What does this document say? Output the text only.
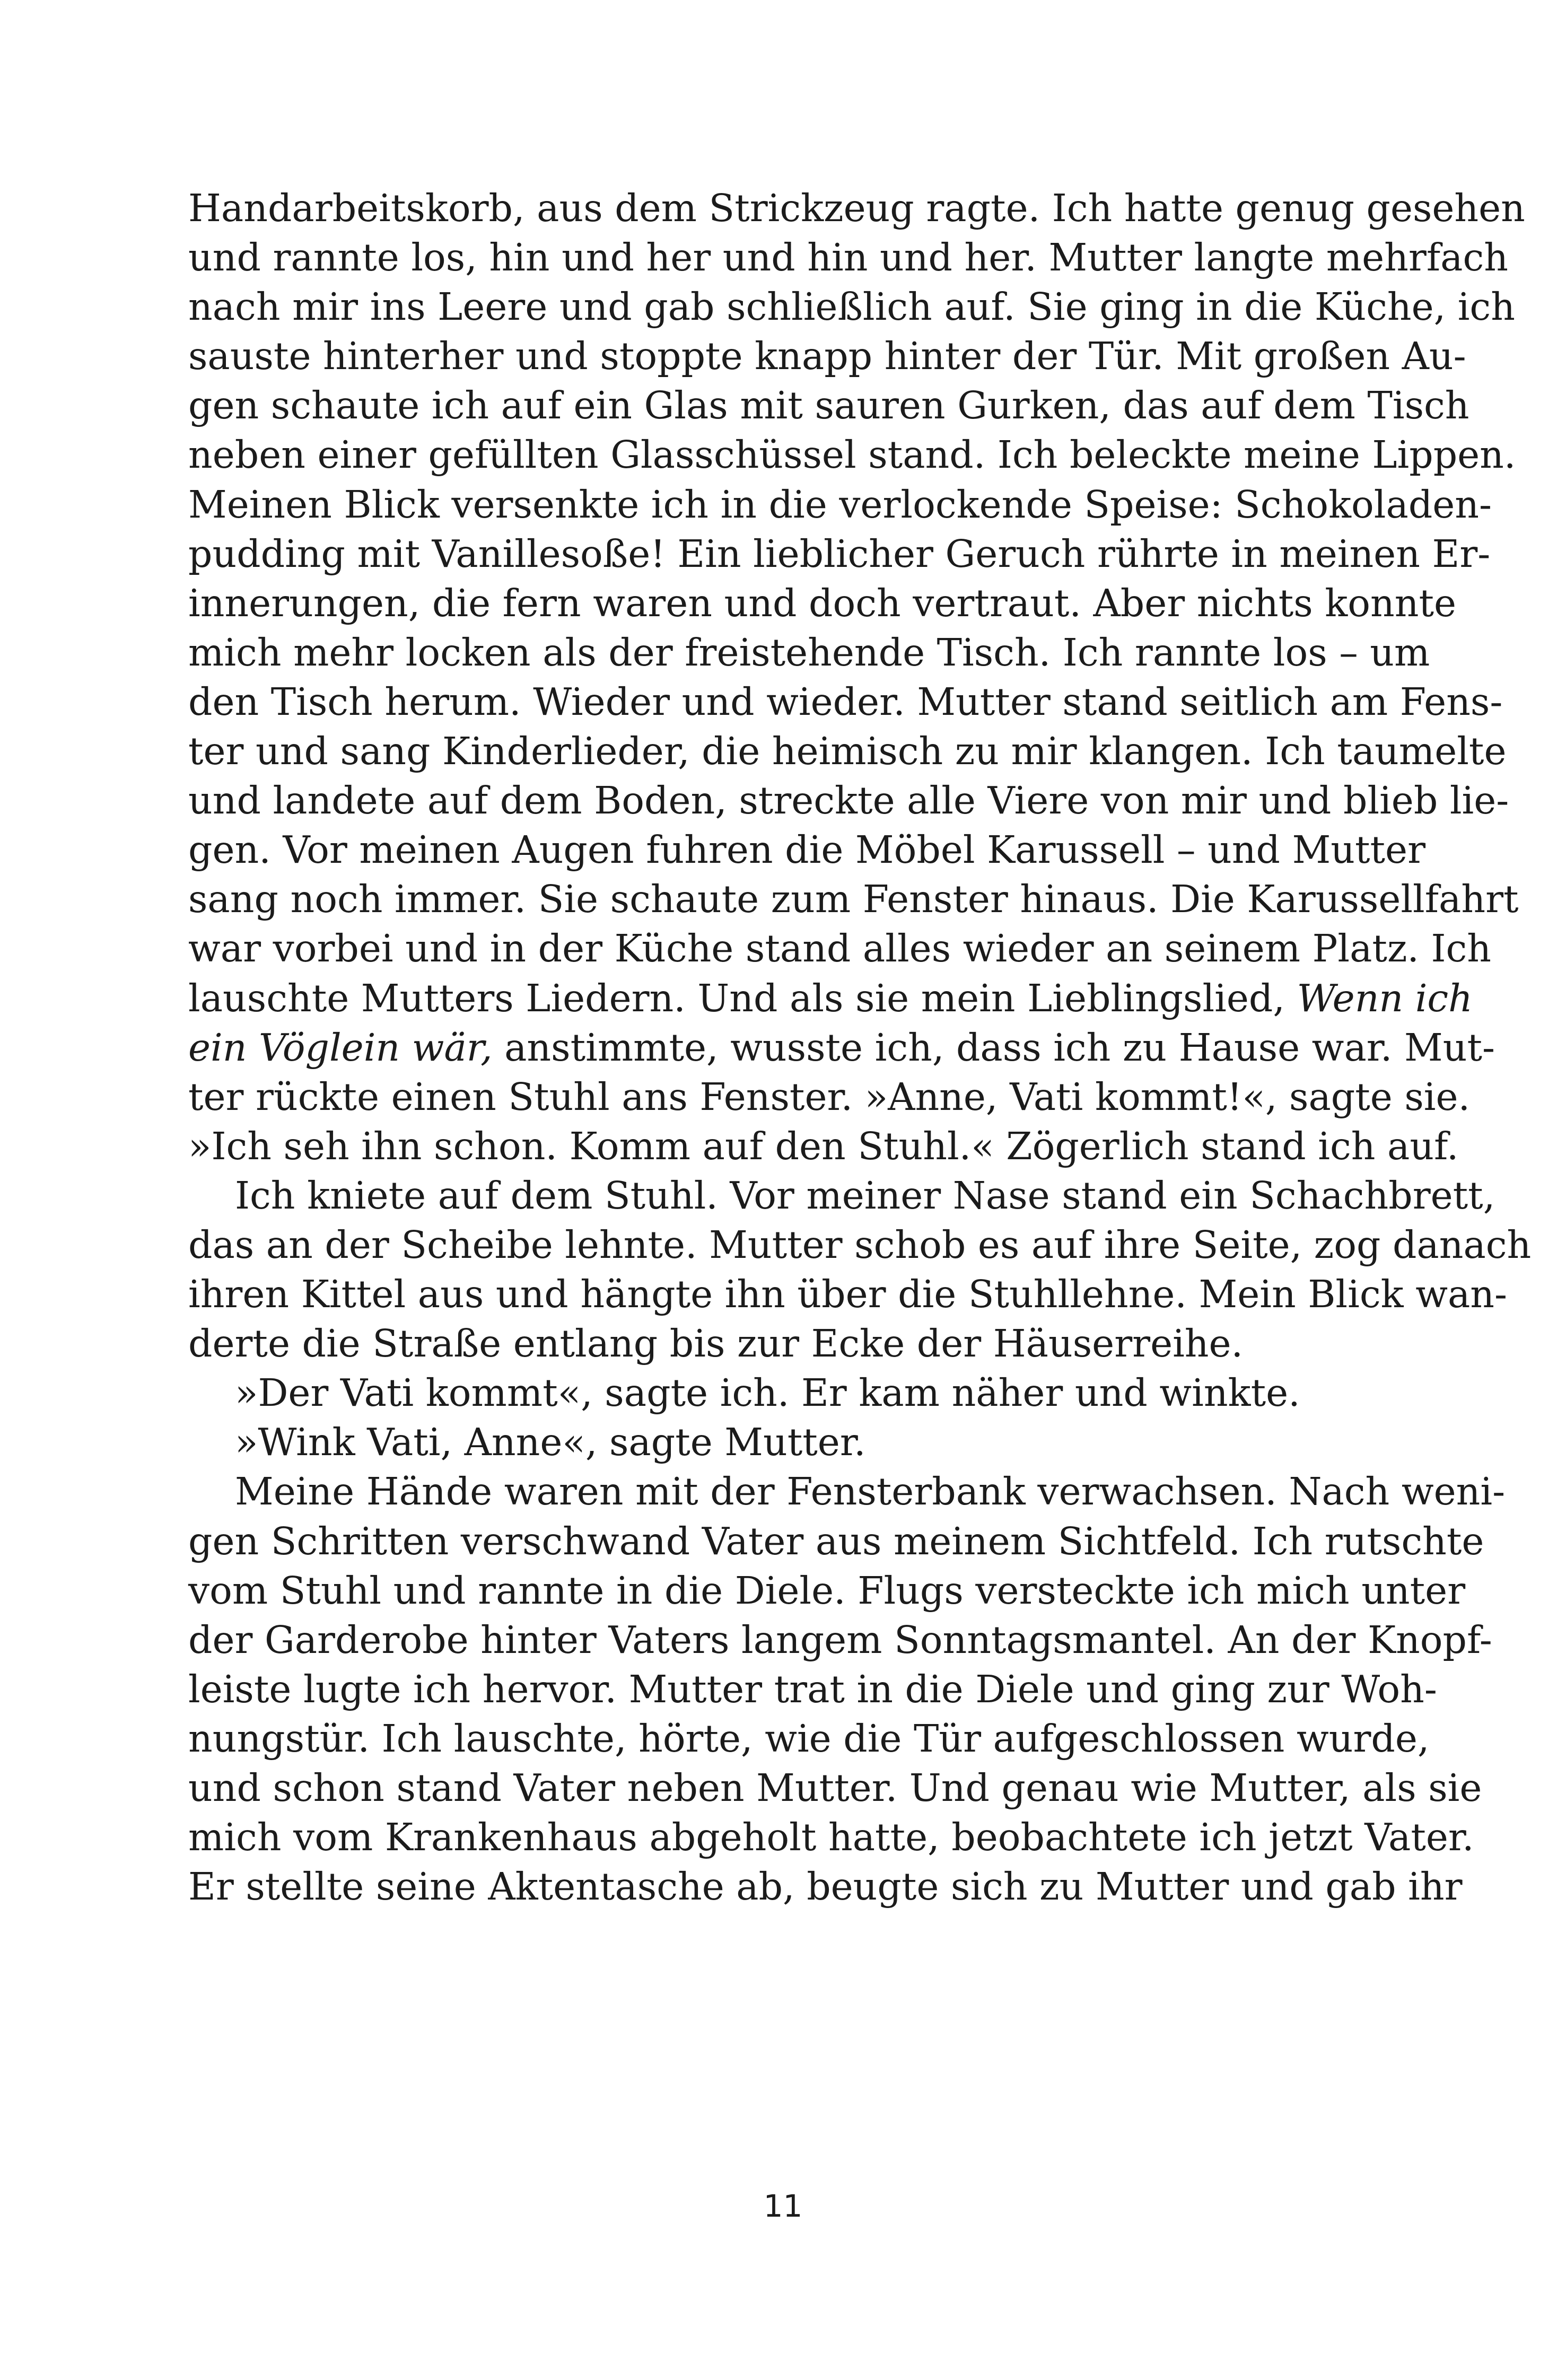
Handarbeitskorb, aus dem Strickzeug ragte. Ich hatte genug gesehen
und rannte los, hin und her und hin und her. Mutter langte mehrfach
nach mir ins Leere und gab schließlich auf. Sie ging in die Küche, ich
sauste hinterher und stoppte knapp hinter der Tür. Mit großen Au-
gen schaute ich auf ein Glas mit sauren Gurken, das auf dem Tisch
neben einer gefüllten Glasschüssel stand. Ich beleckte meine Lippen.
Meinen Blick versenkte ich in die verlockende Speise: Schokoladen-
pudding mit Vanillesoße! Ein lieblicher Geruch rührte in meinen Er-
innerungen, die fern waren und doch vertraut. Aber nichts konnte
mich mehr locken als der freistehende Tisch. Ich rannte los – um
den Tisch herum. Wieder und wieder. Mutter stand seitlich am Fens-
ter und sang Kinderlieder, die heimisch zu mir klangen. Ich taumelte
und landete auf dem Boden, streckte alle Viere von mir und blieb lie-
gen. Vor meinen Augen fuhren die Möbel Karussell – und Mutter
sang noch immer. Sie schaute zum Fenster hinaus. Die Karussellfahrt
war vorbei und in der Küche stand alles wieder an seinem Platz. Ich
lauschte Mutters Liedern. Und als sie mein Lieblingslied, Wenn ich
ein Vöglein wär, anstimmte, wusste ich, dass ich zu Hause war. Mut-
ter rückte einen Stuhl ans Fenster. »Anne, Vati kommt!«, sagte sie.
»Ich seh ihn schon. Komm auf den Stuhl.« Zögerlich stand ich auf.
Ich kniete auf dem Stuhl. Vor meiner Nase stand ein Schachbrett,
das an der Scheibe lehnte. Mutter schob es auf ihre Seite, zog danach
ihren Kittel aus und hängte ihn über die Stuhllehne. Mein Blick wan-
derte die Straße entlang bis zur Ecke der Häuserreihe.
»Der Vati kommt«, sagte ich. Er kam näher und winkte.
»Wink Vati, Anne«, sagte Mutter.
Meine Hände waren mit der Fensterbank verwachsen. Nach weni-
gen Schritten verschwand Vater aus meinem Sichtfeld. Ich rutschte
vom Stuhl und rannte in die Diele. Flugs versteckte ich mich unter
der Garderobe hinter Vaters langem Sonntagsmantel. An der Knopf-
leiste lugte ich hervor. Mutter trat in die Diele und ging zur Woh-
nungstür. Ich lauschte, hörte, wie die Tür aufgeschlossen wurde,
und schon stand Vater neben Mutter. Und genau wie Mutter, als sie
mich vom Krankenhaus abgeholt hatte, beobachtete ich jetzt Vater.
Er stellte seine Aktentasche ab, beugte sich zu Mutter und gab ihr
11
